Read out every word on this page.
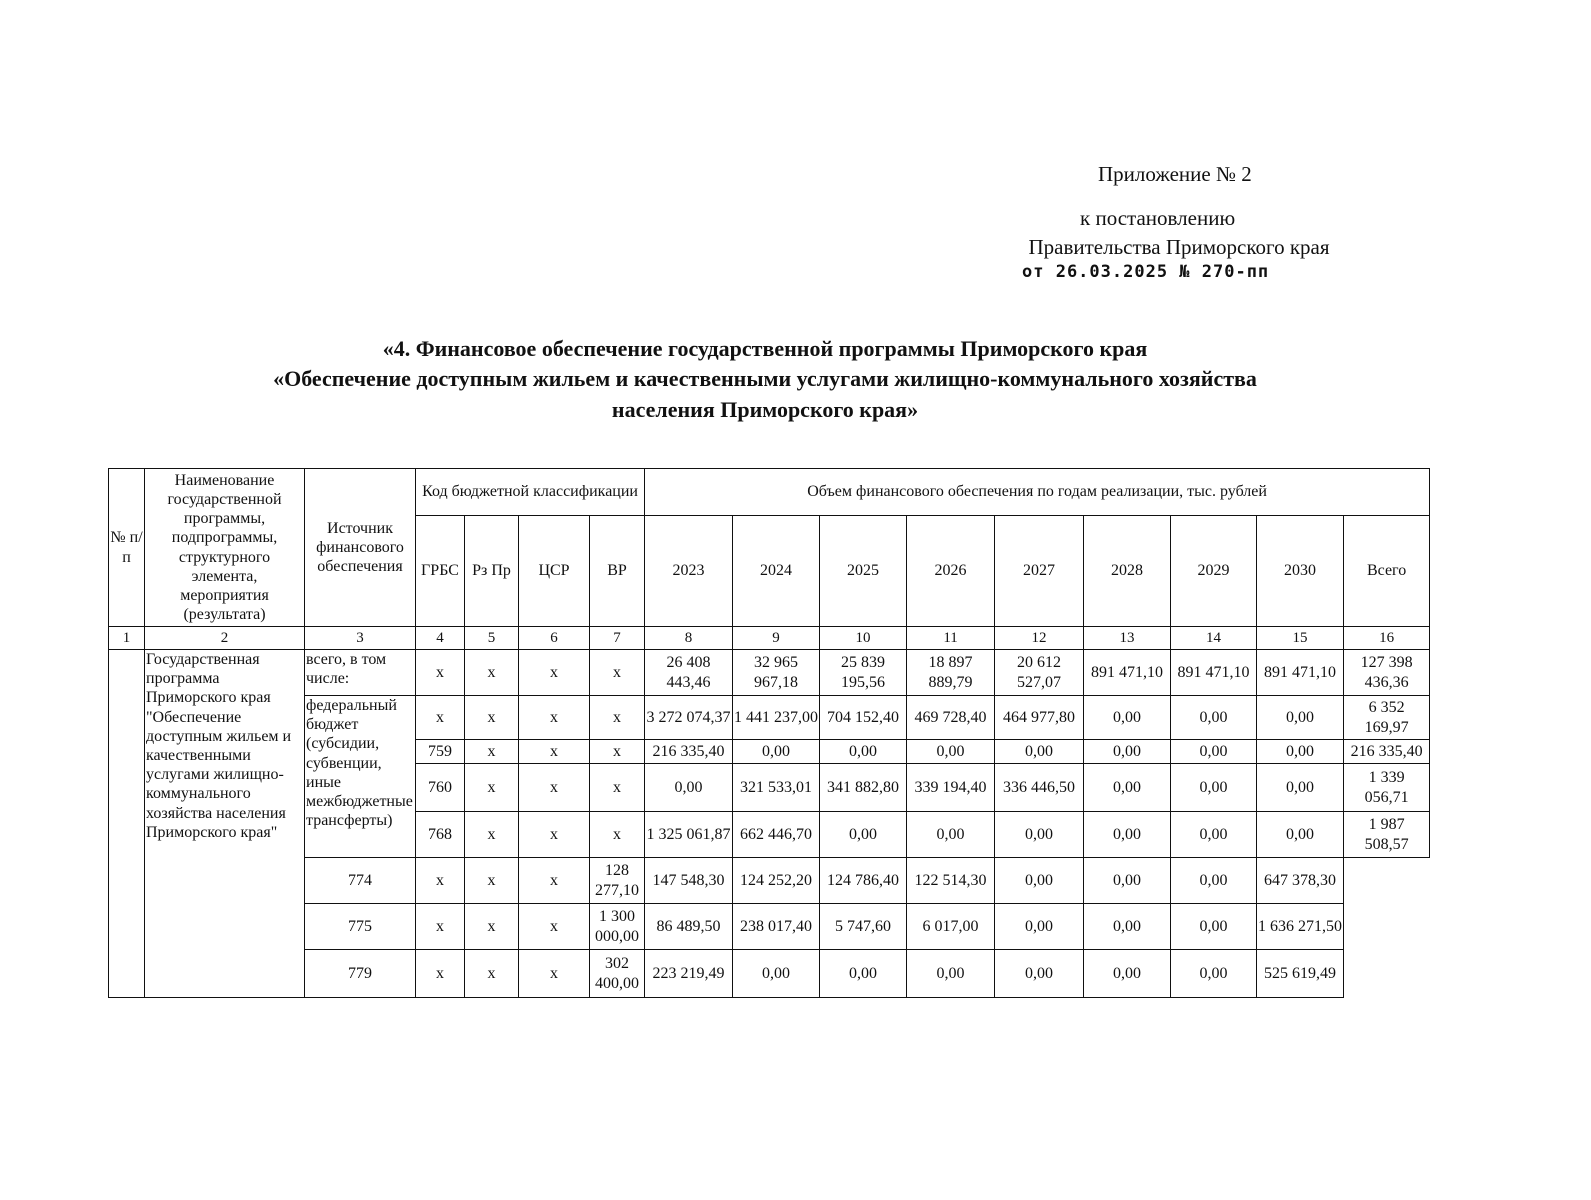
Приложение № 2
к постановлению
Правительства Приморского края
от 26.03.2025 № 270-пп
«4. Финансовое обеспечение государственной программы Приморского края
«Обеспечение доступным жильем и качественными услугами жилищно-коммунального хозяйства
населения Приморского края»
№ п/п	Наименование государственной программы, подпрограммы, структурного элемента, мероприятия (результата)	Источник финансового обеспечения	Код бюджетной классификации				Объем финансового обеспечения по годам реализации, тыс. рублей								
			ГРБС	Рз Пр	ЦСР	ВР	2023	2024	2025	2026	2027	2028	2029	2030	Всего
1	2	3	4	5	6	7	8	9	10	11	12	13	14	15	16
	Государственная программа Приморского края "Обеспечение доступным жильем и качественными услугами жилищно-коммунального хозяйства населения Приморского края"	всего, в том числе:	х	х	х	х	26 408 443,46	32 965 967,18	25 839 195,56	18 897 889,79	20 612 527,07	891 471,10	891 471,10	891 471,10	127 398 436,36
		федеральный бюджет (субсидии, субвенции, иные межбюджетные трансферты)	х	х	х	х	3 272 074,37	1 441 237,00	704 152,40	469 728,40	464 977,80	0,00	0,00	0,00	6 352 169,97
			759	х	х	х	216 335,40	0,00	0,00	0,00	0,00	0,00	0,00	0,00	216 335,40
			760	х	х	х	0,00	321 533,01	341 882,80	339 194,40	336 446,50	0,00	0,00	0,00	1 339 056,71
			768	х	х	х	1 325 061,87	662 446,70	0,00	0,00	0,00	0,00	0,00	0,00	1 987 508,57
		774	х	х	х	128 277,10	147 548,30	124 252,20	124 786,40	122 514,30	0,00	0,00	0,00	647 378,30	
		775	х	х	х	1 300 000,00	86 489,50	238 017,40	5 747,60	6 017,00	0,00	0,00	0,00	1 636 271,50	
		779	х	х	х	302 400,00	223 219,49	0,00	0,00	0,00	0,00	0,00	0,00	525 619,49	
